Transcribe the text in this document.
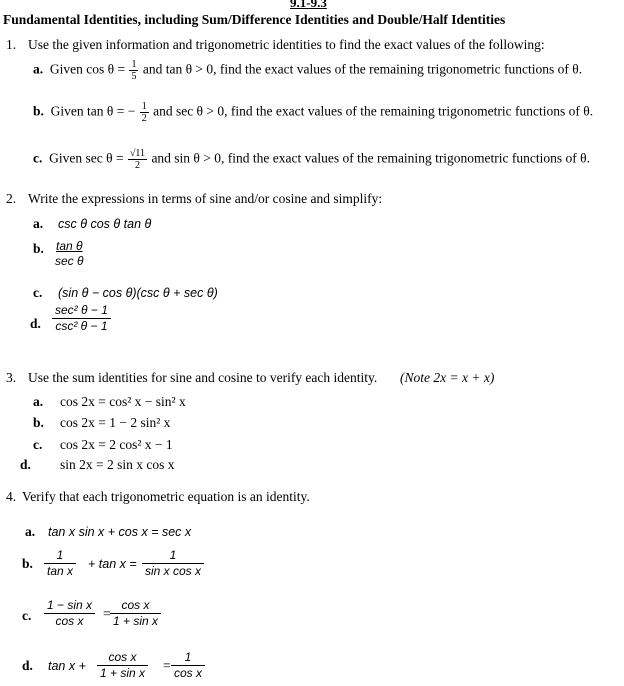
9.1-9.3
Fundamental Identities, including Sum/Difference Identities and Double/Half Identities
1. Use the given information and trigonometric identities to find the exact values of the following:
a. Given $\cos \theta = \frac{1}{5}$ and tan θ > 0, find the exact values of the remaining trigonometric functions of θ.
b. Given tan θ = − $\frac{1}{2}$ and sec θ > 0, find the exact values of the remaining trigonometric functions of θ.
c. Given $\sec \theta = \frac{√11}{2}$ and sin θ > 0, find the exact values of the remaining trigonometric functions of θ.
2. Write the expressions in terms of sine and/or cosine and simplify:
a. csc θ cos θ tan θ
b.	tan θ
sec θ
c. (sin θ − cos θ)(csc θ + sec θ)
d.
sec² θ − 1
csc² θ − 1
3. Use the sum identities for sine and cosine to verify each identity. (Note 2x = x + x)
a. cos 2x = cos² x − sin² x
b. cos 2x = 1 − 2 sin² x
c. cos 2x = 2 cos² x − 1
d. sin 2x = 2 sin x cos x
4. Verify that each trigonometric equation is an identity.
a. tan x sin x + cos x = sec x
b.
1
tan x + tan x =
1
sin x cos x
c.
1 − sin x
cos x	=
cos x
1 + sin x
d. tan x +
cos x
1 + sin x =
1
cos x
